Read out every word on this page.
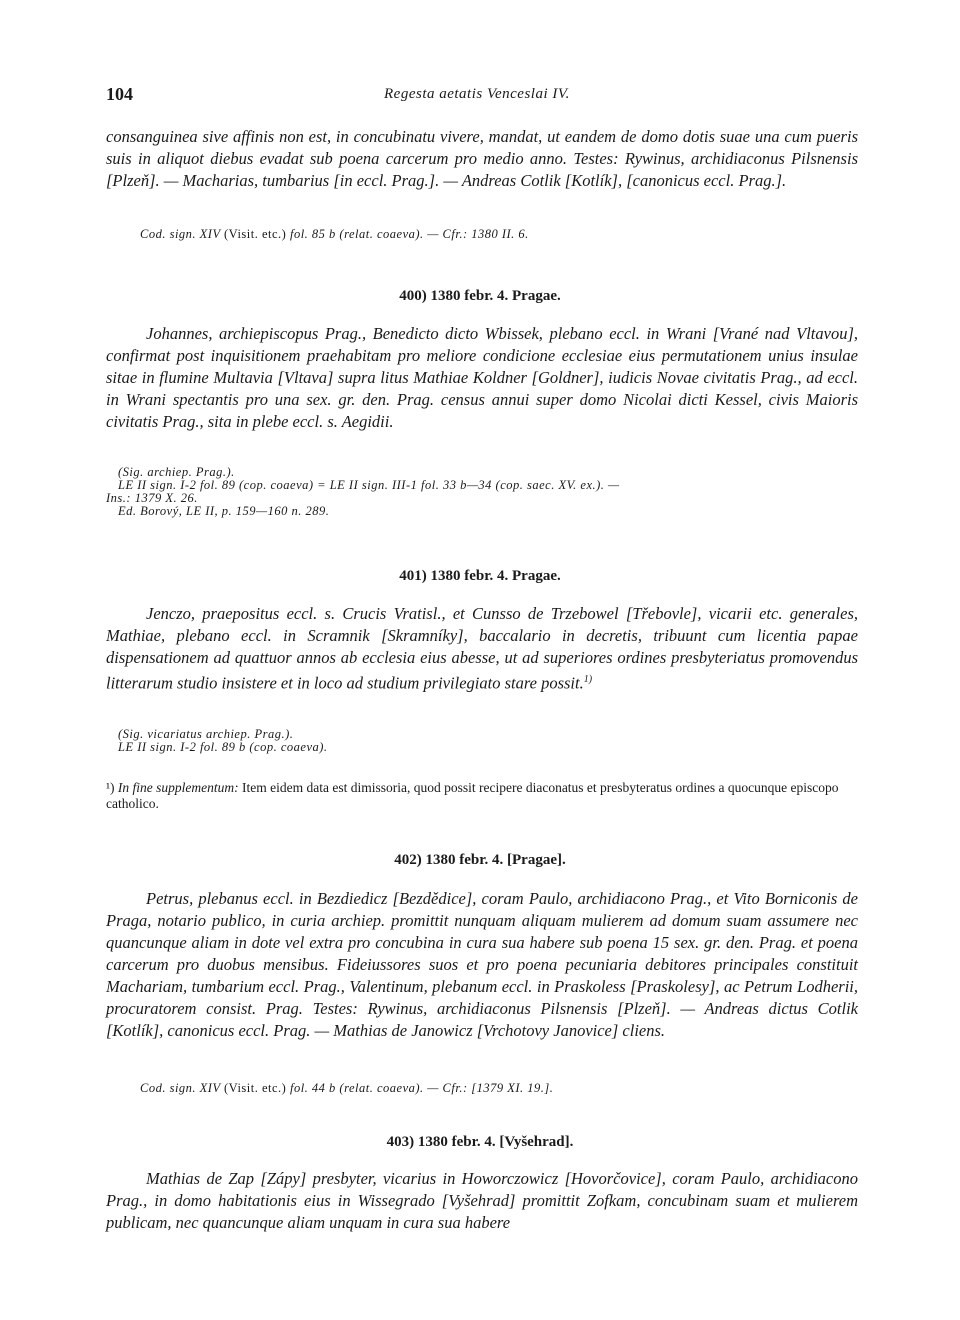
104	Regesta aetatis Venceslai IV.
consanguinea sive affinis non est, in concubinatu vivere, mandat, ut eandem de domo dotis suae una cum pueris suis in aliquot diebus evadat sub poena carcerum pro medio anno. Testes: Rywinus, archidiaconus Pilsnensis [Plzeň]. — Macharias, tumbarius [in eccl. Prag.]. — Andreas Cotlik [Kotlík], [canonicus eccl. Prag.].
Cod. sign. XIV (Visit. etc.) fol. 85 b (relat. coaeva). — Cfr.: 1380 II. 6.
400) 1380 febr. 4. Pragae.
Johannes, archiepiscopus Prag., Benedicto dicto Wbissek, plebano eccl. in Wrani [Vrané nad Vltavou], confirmat post inquisitionem praehabitam pro meliore condicione ecclesiae eius permutationem unius insulae sitae in flumine Multavia [Vltava] supra litus Mathiae Koldner [Goldner], iudicis Novae civitatis Prag., ad eccl. in Wrani spectantis pro una sex. gr. den. Prag. census annui super domo Nicolai dicti Kessel, civis Maioris civitatis Prag., sita in plebe eccl. s. Aegidii.
(Sig. archiep. Prag.).
LE II sign. I-2 fol. 89 (cop. coaeva) = LE II sign. III-1 fol. 33 b—34 (cop. saec. XV. ex.). —
Ins.: 1379 X. 26.
Ed. Borový, LE II, p. 159—160 n. 289.
401) 1380 febr. 4. Pragae.
Jenczo, praepositus eccl. s. Crucis Vratisl., et Cunsso de Trzebowel [Třebovle], vicarii etc. generales, Mathiae, plebano eccl. in Scramnik [Skramníky], baccalario in decretis, tribuunt cum licentia papae dispensationem ad quattuor annos ab ecclesia eius abesse, ut ad superiores ordines presbyteriatus promovendus litterarum studio insistere et in loco ad studium privilegiato stare possit.$^{1)}$
(Sig. vicariatus archiep. Prag.).
LE II sign. I-2 fol. 89 b (cop. coaeva).
¹) In fine supplementum: Item eidem data est dimissoria, quod possit recipere diaconatus et presbyteratus ordines a quocunque episcopo catholico.
402) 1380 febr. 4. [Pragae].
Petrus, plebanus eccl. in Bezdiedicz [Bezdědice], coram Paulo, archidiacono Prag., et Vito Borniconis de Praga, notario publico, in curia archiep. promittit nunquam aliquam mulierem ad domum suam assumere nec quancunque aliam in dote vel extra pro concubina in cura sua habere sub poena 15 sex. gr. den. Prag. et poena carcerum pro duobus mensibus. Fideiussores suos et pro poena pecuniaria debitores principales constituit Machariam, tumbarium eccl. Prag., Valentinum, plebanum eccl. in Praskoless [Praskolesy], ac Petrum Lodherii, procuratorem consist. Prag. Testes: Rywinus, archidiaconus Pilsnensis [Plzeň]. — Andreas dictus Cotlik [Kotlík], canonicus eccl. Prag. — Mathias de Janowicz [Vrchotovy Janovice] cliens.
Cod. sign. XIV (Visit. etc.) fol. 44 b (relat. coaeva). — Cfr.: [1379 XI. 19.].
403) 1380 febr. 4. [Vyšehrad].
Mathias de Zap [Zápy] presbyter, vicarius in Howorczowicz [Hovorčovice], coram Paulo, archidiacono Prag., in domo habitationis eius in Wissegrado [Vyšehrad] promittit Zofkam, concubinam suam et mulierem publicam, nec quancunque aliam unquam in cura sua habere
